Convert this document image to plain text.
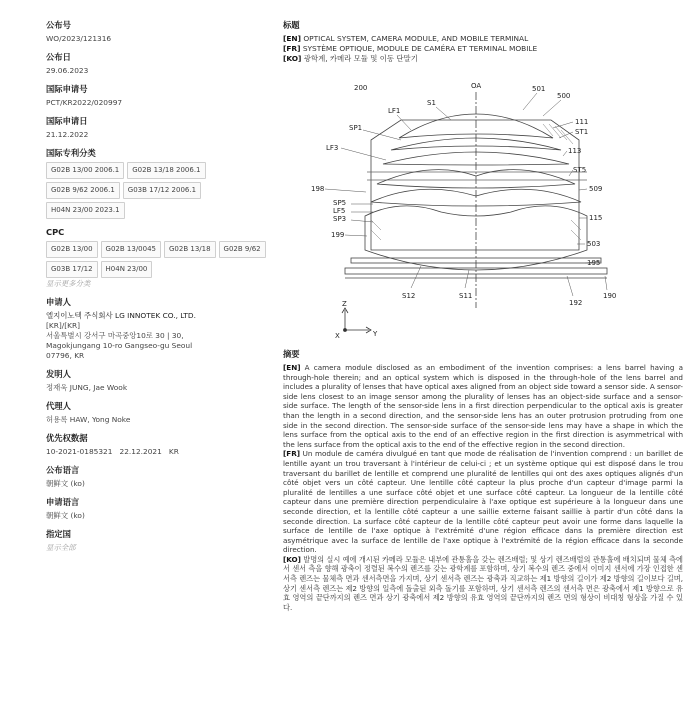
公布号
WO/2023/121316
公布日
29.06.2023
国际申请号
PCT/KR2022/020997
国际申请日
21.12.2022
国际专利分类
G02B 13/00 2006.1	G02B 13/18 2006.1
G02B 9/62 2006.1	G03B 17/12 2006.1
H04N 23/00 2023.1
CPC
G02B 13/00	G02B 13/0045	G02B 13/18	G02B 9/62
G03B 17/12	H04N 23/00
显示更多分类
申请人
엘지이노텍 주식회사 LG INNOTEK CO., LTD.
[KR]/[KR]
서울특별시 강서구 마곡중앙10로 30 | 30,
Magokjungang 10-ro Gangseo-gu Seoul
07796, KR
发明人
정재욱 JUNG, Jae Wook
代理人
허용록 HAW, Yong Noke
优先权数据
10-2021-0185321   22.12.2021   KR
公布语言
朝鲜文 (ko)
申请语言
朝鲜文 (ko)
指定国
显示全部
标题
[EN] OPTICAL SYSTEM, CAMERA MODULE, AND MOBILE TERMINAL
[FR] SYSTÈME OPTIQUE, MODULE DE CAMÉRA ET TERMINAL MOBILE
[KO] 광학계, 카메라 모듈 및 이동 단말기
200
S1
OA	501
500
LF1
SP1
LF3
111
ST1
113
ST5
509
198
SP5
LF5
SP3	115
199
503
195
S12	S11
192
190
Z
Y
X
摘要

[EN] A camera module disclosed as an embodiment of the invention comprises: a lens barrel having a through-hole therein; and an optical system which is disposed in the through-hole of the lens barrel and includes a plurality of lenses that have optical axes aligned from an object side toward a sensor side. A sensor-side lens closest to an image sensor among the plurality of lenses has an object-side surface and a sensor-side surface. The length of the sensor-side lens in a first direction perpendicular to the optical axis is greater than the length in a second direction, and the sensor-side lens has an outer protrusion protruding from one side in the second direction. The sensor-side surface of the sensor-side lens may have a shape in which the lens surface from the optical axis to the end of an effective region in the first direction is asymmetrical with the lens surface from the optical axis to the end of the effective region in the second direction.

[FR] Un module de caméra divulgué en tant que mode de réalisation de l'invention comprend : un barillet de lentille ayant un trou traversant à l'intérieur de celui-ci ; et un système optique qui est disposé dans le trou traversant du barillet de lentille et comprend une pluralité de lentilles qui ont des axes optiques alignés d'un côté objet vers un côté capteur. Une lentille côté capteur la plus proche d'un capteur d'image parmi la pluralité de lentilles a une surface côté objet et une surface côté capteur. La longueur de la lentille côté capteur dans une première direction perpendiculaire à l'axe optique est supérieure à la longueur dans une seconde direction, et la lentille côté capteur a une saillie externe faisant saillie à partir d'un côté dans la seconde direction. La surface côté capteur de la lentille côté capteur peut avoir une forme dans laquelle la surface de lentille de l'axe optique à l'extrémité d'une région efficace dans la première direction est asymétrique avec la surface de lentille de l'axe optique à l'extrémité de la région efficace dans la seconde direction.

[KO] 발명의 실시 예에 개시된 카메라 모듈은 내부에 관통홀을 갖는 렌즈배럴; 및 상기 렌즈배럴의 관통홀에 배치되며 물체 측에서 센서 측을 향해 광축이 정렬된 복수의 렌즈를 갖는 광학계를 포함하며, 상기 복수의 렌즈 중에서 이미지 센서에 가장 인접한 센서측 렌즈는 물체측 면과 센서측면을 가지며, 상기 센서측 렌즈는 광축과 직교하는 제1 방향의 길이가 제2 방향의 길이보다 길며, 상기 센서측 렌즈는 제2 방향의 일측에 돌출된 외측 돌기를 포함하며, 상기 센서측 렌즈의 센서측 면은 광축에서 제1 방향으로 유효 영역의 끝단까지의 렌즈 면과 상기 광축에서 제2 방향의 유효 영역의 끝단까지의 렌즈 면의 형상이 비대칭 형상을 가질 수 있다.
